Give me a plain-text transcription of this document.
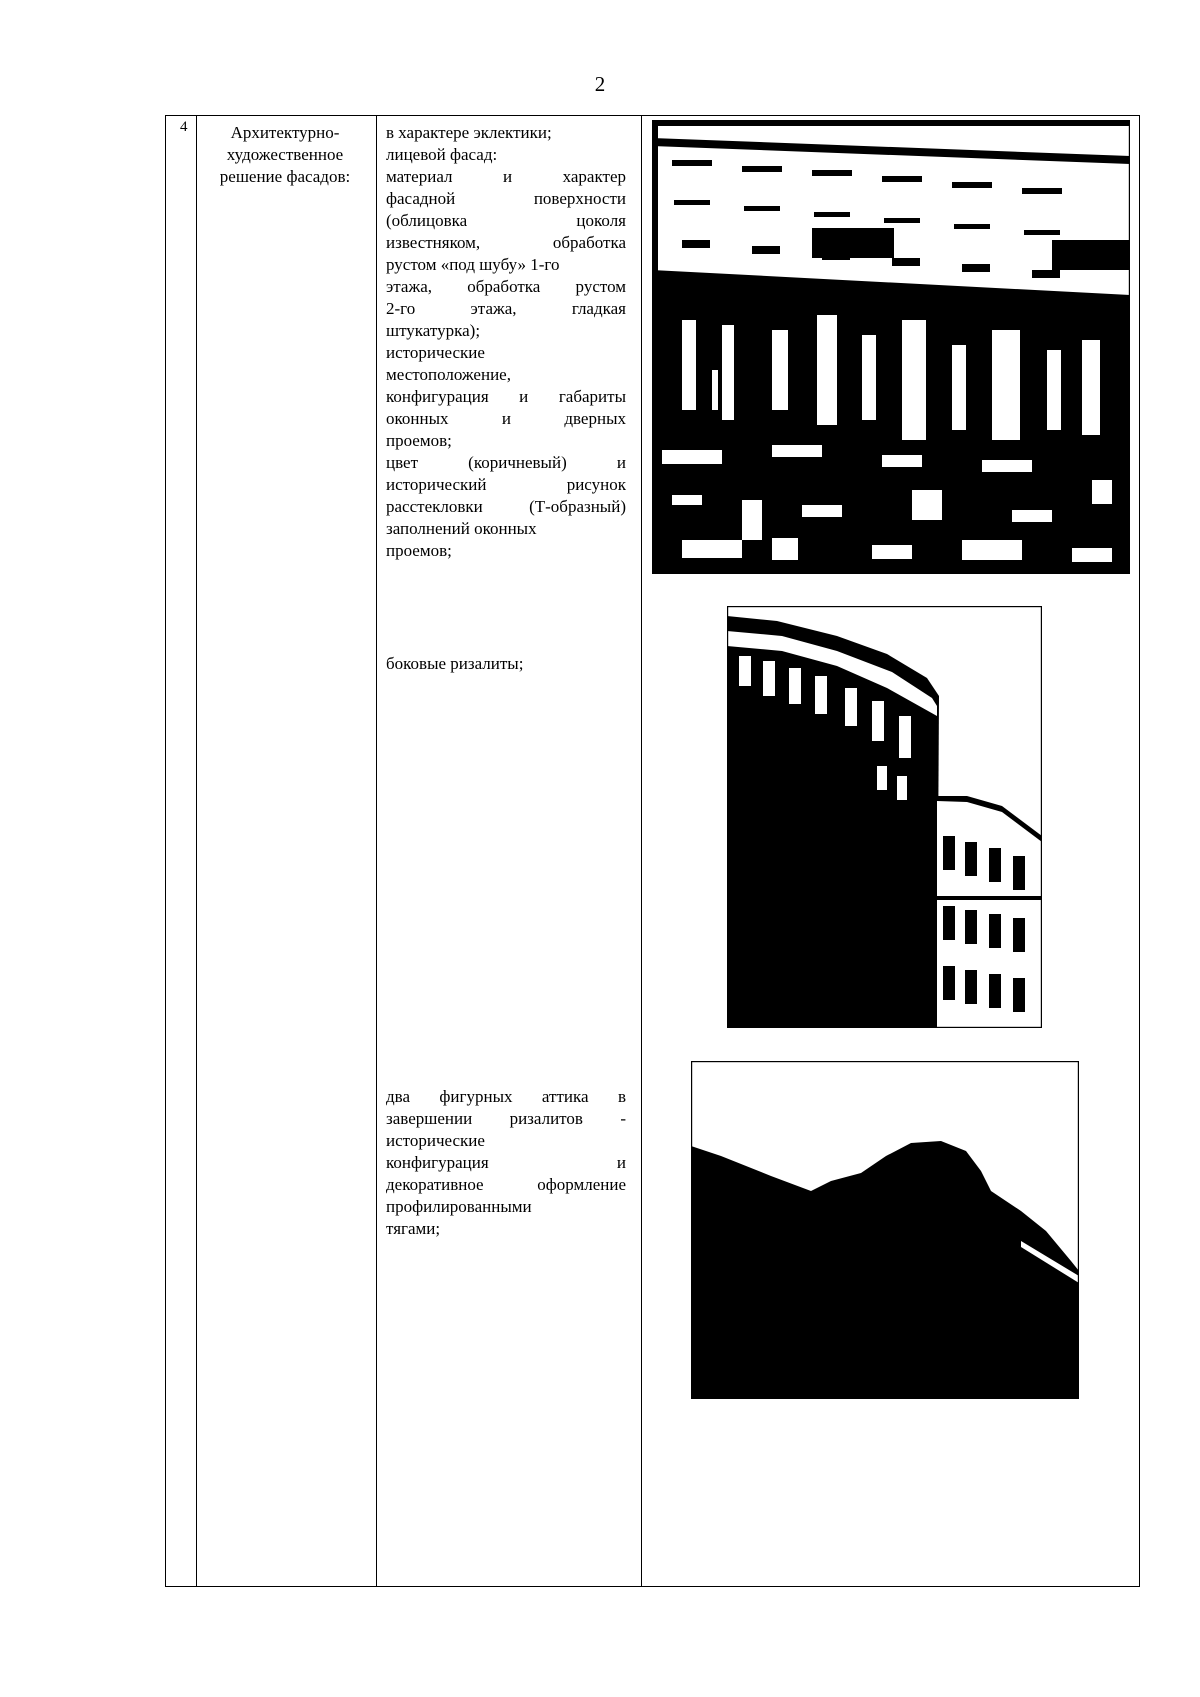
2
4	Архитектурно-
художественное
решение фасадов:
в характере эклектики;
лицевой фасад:
материал и характер
фасадной поверхности
(облицовка цоколя
известняком, обработка
рустом «под шубу» 1-го
этажа, обработка рустом
2-го этажа, гладкая
штукатурка);
исторические
местоположение,
конфигурация и габариты
оконных и дверных
проемов;
цвет (коричневый) и
исторический рисунок
расстекловки (Т-образный)
заполнений оконных
проемов;
боковые ризалиты;
два фигурных аттика в
завершении ризалитов -
исторические
конфигурация и
декоративное оформление
профилированными
тягами;
